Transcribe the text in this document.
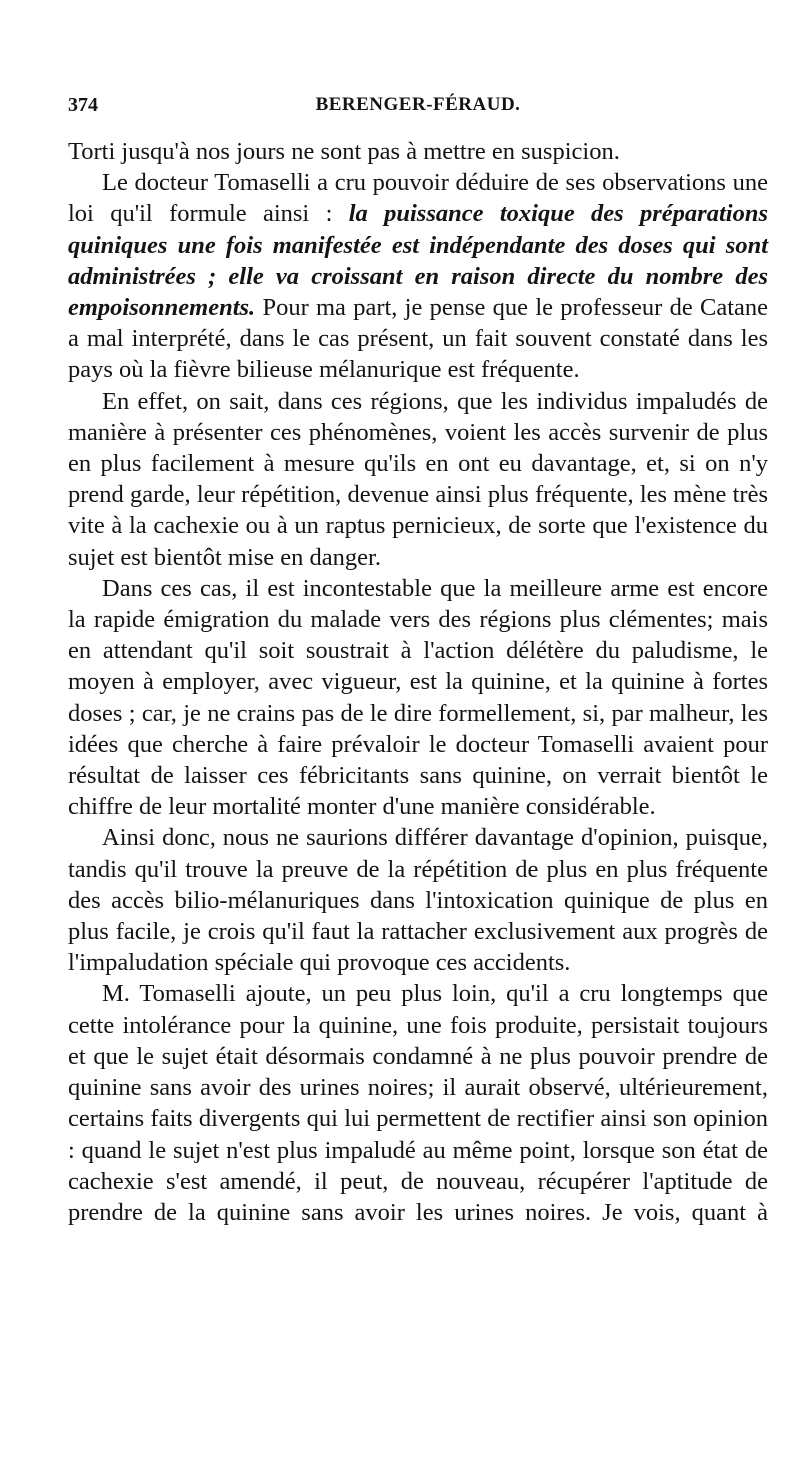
374	BERENGER-FÉRAUD.

Torti jusqu'à nos jours ne sont pas à mettre en suspicion.

Le docteur Tomaselli a cru pouvoir déduire de ses observations une loi qu'il formule ainsi : la puissance toxique des préparations quiniques une fois manifestée est indépendante des doses qui sont administrées ; elle va croissant en raison directe du nombre des empoisonnements. Pour ma part, je pense que le professeur de Catane a mal interprété, dans le cas présent, un fait souvent constaté dans les pays où la fièvre bilieuse mélanurique est fréquente.

En effet, on sait, dans ces régions, que les individus impaludés de manière à présenter ces phénomènes, voient les accès survenir de plus en plus facilement à mesure qu'ils en ont eu davantage, et, si on n'y prend garde, leur répétition, devenue ainsi plus fréquente, les mène très vite à la cachexie ou à un raptus pernicieux, de sorte que l'existence du sujet est bientôt mise en danger.

Dans ces cas, il est incontestable que la meilleure arme est encore la rapide émigration du malade vers des régions plus clémentes; mais en attendant qu'il soit soustrait à l'action délétère du paludisme, le moyen à employer, avec vigueur, est la quinine, et la quinine à fortes doses ; car, je ne crains pas de le dire formellement, si, par malheur, les idées que cherche à faire prévaloir le docteur Tomaselli avaient pour résultat de laisser ces fébricitants sans quinine, on verrait bientôt le chiffre de leur mortalité monter d'une manière considérable.

Ainsi donc, nous ne saurions différer davantage d'opinion, puisque, tandis qu'il trouve la preuve de la répétition de plus en plus fréquente des accès bilio-mélanuriques dans l'intoxication quinique de plus en plus facile, je crois qu'il faut la rattacher exclusivement aux progrès de l'impaludation spéciale qui provoque ces accidents.

M. Tomaselli ajoute, un peu plus loin, qu'il a cru longtemps que cette intolérance pour la quinine, une fois produite, persistait toujours et que le sujet était désormais condamné à ne plus pouvoir prendre de quinine sans avoir des urines noires; il aurait observé, ultérieurement, certains faits divergents qui lui permettent de rectifier ainsi son opinion : quand le sujet n'est plus impaludé au même point, lorsque son état de cachexie s'est amendé, il peut, de nouveau, récupérer l'aptitude de prendre de la quinine sans avoir les urines noires. Je vois, quant à
